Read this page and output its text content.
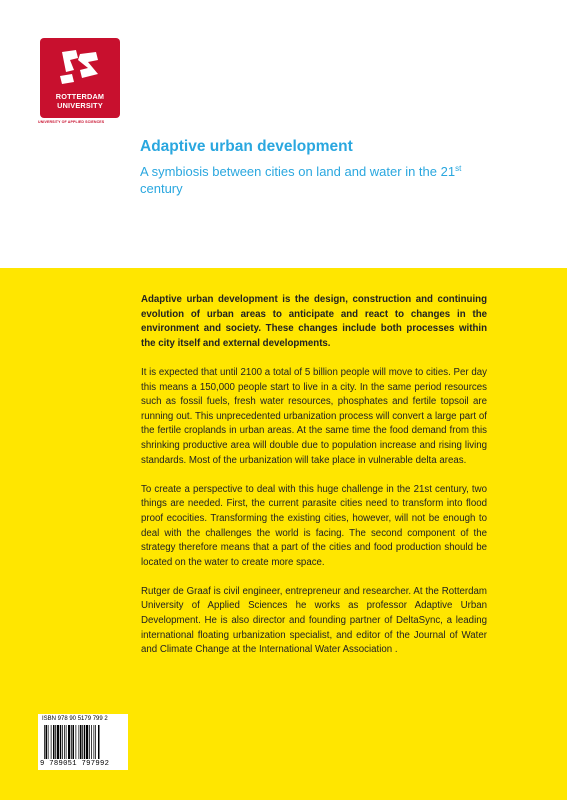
ROTTERDAM
UNIVERSITY
UNIVERSITY OF APPLIED SCIENCES
Adaptive urban development
A symbiosis between cities on land and water in the 21st century

Adaptive urban development is the design, construction and continuing evolution of urban areas to anticipate and react to changes in the environment and society. These changes include both processes within the city itself and external developments.

It is expected that until 2100 a total of 5 billion people will move to cities. Per day this means a 150,000 people start to live in a city. In the same period resources such as fossil fuels, fresh water resources, phosphates and fertile topsoil are running out. This unprecedented urbanization process will convert a large part of the fertile croplands in urban areas. At the same time the food demand from this shrinking productive area will double due to population increase and rising living standards. Most of the urbanization will take place in vulnerable delta areas.

To create a perspective to deal with this huge challenge in the 21st century, two things are needed. First, the current parasite cities need to transform into flood proof ecocities. Transforming the existing cities, however, will not be enough to deal with the challenges the world is facing. The second component of the strategy therefore means that a part of the cities and food production should be located on the water to create more space.

Rutger de Graaf is civil engineer, entrepreneur and researcher. At the Rotterdam University of Applied Sciences he works as professor Adaptive Urban Development. He is also director and founding partner of DeltaSync, a leading international floating urbanization specialist, and editor of the Journal of Water and Climate Change at the International Water Association .

ISBN 978 90 5179 799 2
9 789051 797992
